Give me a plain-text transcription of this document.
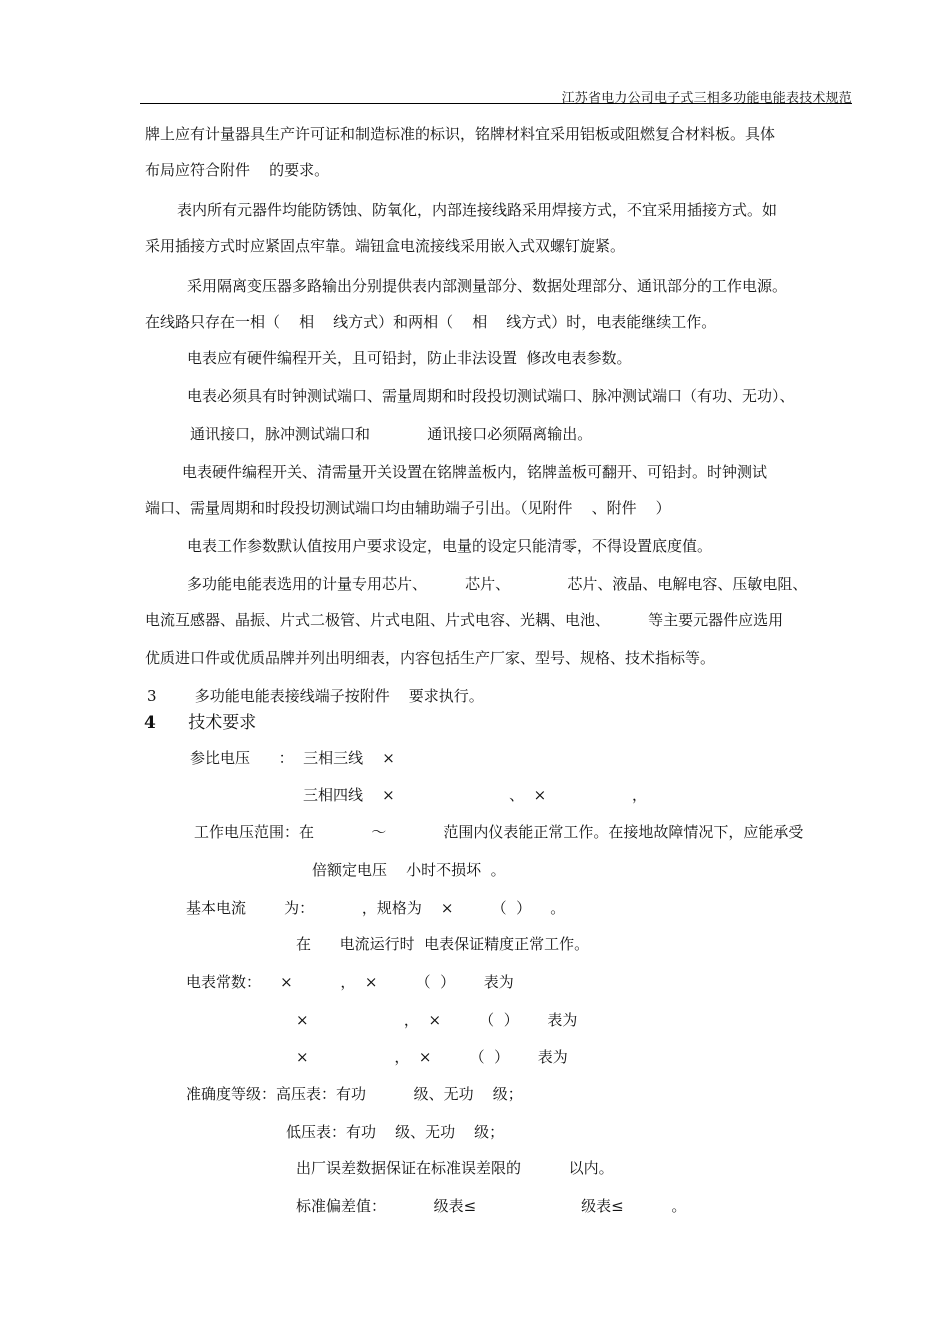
江苏省电力公司电子式三相多功能电能表技术规范
牌上应有计量器具生产许可证和制造标准的标识，铭牌材料宜采用铝板或阻燃复合材料板。具体
布局应符合附件    的要求。
表内所有元器件均能防锈蚀、防氧化，内部连接线路采用焊接方式，不宜采用插接方式。如
采用插接方式时应紧固点牢靠。端钮盒电流接线采用嵌入式双螺钉旋紧。
采用隔离变压器多路输出分别提供表内部测量部分、数据处理部分、通讯部分的工作电源。
在线路只存在一相（    相    线方式）和两相（    相    线方式）时，电表能继续工作。
电表应有硬件编程开关，且可铅封，防止非法设置  修改电表参数。
电表必须具有时钟测试端口、需量周期和时段投切测试端口、脉冲测试端口（有功、无功）、
通讯接口，脉冲测试端口和            通讯接口必须隔离输出。
电表硬件编程开关、清需量开关设置在铭牌盖板内，铭牌盖板可翻开、可铅封。时钟测试
端口、需量周期和时段投切测试端口均由辅助端子引出。（见附件    、附件    ）
电表工作参数默认值按用户要求设定，电量的设定只能清零，不得设置底度值。
多功能电能表选用的计量专用芯片、        芯片、            芯片、液晶、电解电容、压敏电阻、
电流互感器、晶振、片式二极管、片式电阻、片式电容、光耦、电池、        等主要元器件应选用
优质进口件或优质品牌并列出明细表，内容包括生产厂家、型号、规格、技术指标等。
3        多功能电能表接线端子按附件    要求执行。
4 技术要求
参比电压      ：  三相三线    ×
三相四线    ×                        、  ×                  ，
工作电压范围：在            ～            范围内仪表能正常工作。在接地故障情况下，应能承受
倍额定电压    小时不损坏  。
基本电流        为：          ，规格为    ×        （  ）    。
在      电流运行时  电表保证精度正常工作。
电表常数：    ×          ，  ×        （  ）      表为
×                    ，  ×        （  ）      表为
×                  ，  ×        （  ）      表为
准确度等级：高压表：有功          级、无功    级；
低压表：有功    级、无功    级；
出厂误差数据保证在标准误差限的          以内。
标准偏差值：          级表≤                      级表≤          。
